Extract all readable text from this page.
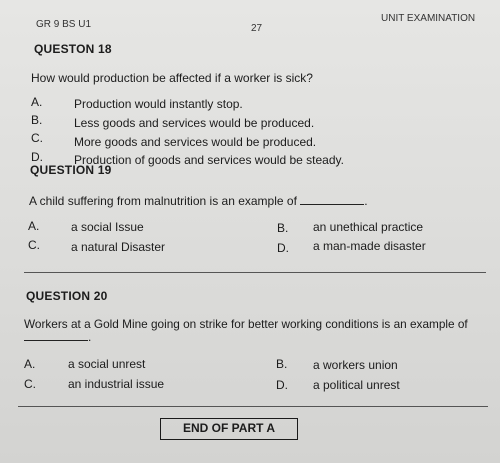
GR 9 BS U1	27
UNIT EXAMINATION
QUESTON 18
How would production be affected if a worker is sick?
A.	Production would instantly stop.
B.	Less goods and services would be produced.
C.	More goods and services would be produced.
D.	Production of goods and services would be steady.
QUESTION 19
A child suffering from malnutrition is an example of	.
A.	a social Issue	B. an unethical practice
C.	a natural Disaster	D. a man-made disaster
QUESTION 20
Workers at a Gold Mine going on strike for better working conditions is an example of
.
A.	a social unrest	B. a workers union
C.	an industrial issue	D. a political unrest
END OF PART A
